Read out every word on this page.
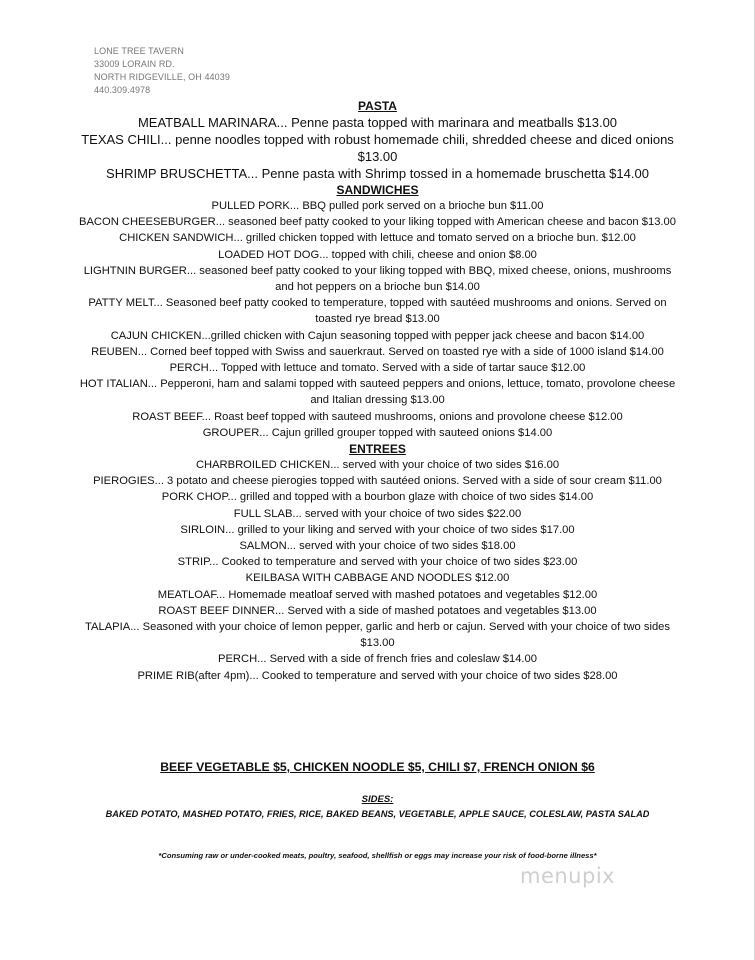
LONE TREE TAVERN
33009 LORAIN RD.
NORTH RIDGEVILLE, OH 44039
440.309.4978
PASTA
MEATBALL MARINARA... Penne pasta topped with marinara and meatballs $13.00
TEXAS CHILI... penne noodles topped with robust homemade chili, shredded cheese and diced onions $13.00
SHRIMP BRUSCHETTA... Penne pasta with Shrimp tossed in a homemade bruschetta $14.00
SANDWICHES
PULLED PORK... BBQ pulled pork served on a brioche bun $11.00
BACON CHEESEBURGER... seasoned beef patty cooked to your liking topped with American cheese and bacon $13.00
CHICKEN SANDWICH... grilled chicken topped with lettuce and tomato served on a brioche bun. $12.00
LOADED HOT DOG... topped with chili, cheese and onion $8.00
LIGHTNIN BURGER... seasoned beef patty cooked to your liking topped with BBQ, mixed cheese, onions, mushrooms and hot peppers on a brioche bun $14.00
PATTY MELT... Seasoned beef patty cooked to temperature, topped with sautéed mushrooms and onions. Served on toasted rye bread $13.00
CAJUN CHICKEN...grilled chicken with Cajun seasoning topped with pepper jack cheese and bacon $14.00
REUBEN... Corned beef topped with Swiss and sauerkraut. Served on toasted rye with a side of 1000 island $14.00
PERCH... Topped with lettuce and tomato. Served with a side of tartar sauce $12.00
HOT ITALIAN... Pepperoni, ham and salami topped with sauteed peppers and onions, lettuce, tomato, provolone cheese and Italian dressing $13.00
ROAST BEEF... Roast beef topped with sauteed mushrooms, onions and provolone cheese $12.00
GROUPER... Cajun grilled grouper topped with sauteed onions $14.00
ENTREES
CHARBROILED CHICKEN... served with your choice of two sides $16.00
PIEROGIES... 3 potato and cheese pierogies topped with sautéed onions. Served with a side of sour cream $11.00
PORK CHOP... grilled and topped with a bourbon glaze with choice of two sides $14.00
FULL SLAB... served with your choice of two sides $22.00
SIRLOIN... grilled to your liking and served with your choice of two sides $17.00
SALMON... served with your choice of two sides $18.00
STRIP... Cooked to temperature and served with your choice of two sides $23.00
KEILBASA WITH CABBAGE AND NOODLES $12.00
MEATLOAF... Homemade meatloaf served with mashed potatoes and vegetables $12.00
ROAST BEEF DINNER... Served with a side of mashed potatoes and vegetables $13.00
TALAPIA... Seasoned with your choice of lemon pepper, garlic and herb or cajun. Served with your choice of two sides $13.00
PERCH... Served with a side of french fries and coleslaw $14.00
PRIME RIB(after 4pm)... Cooked to temperature and served with your choice of two sides $28.00
BEEF VEGETABLE $5, CHICKEN NOODLE $5, CHILI $7, FRENCH ONION $6
SIDES:
BAKED POTATO, MASHED POTATO, FRIES, RICE, BAKED BEANS, VEGETABLE, APPLE SAUCE, COLESLAW, PASTA SALAD
*Consuming raw or under-cooked meats, poultry, seafood, shellfish or eggs may increase your risk of food-borne illness*
menupix
